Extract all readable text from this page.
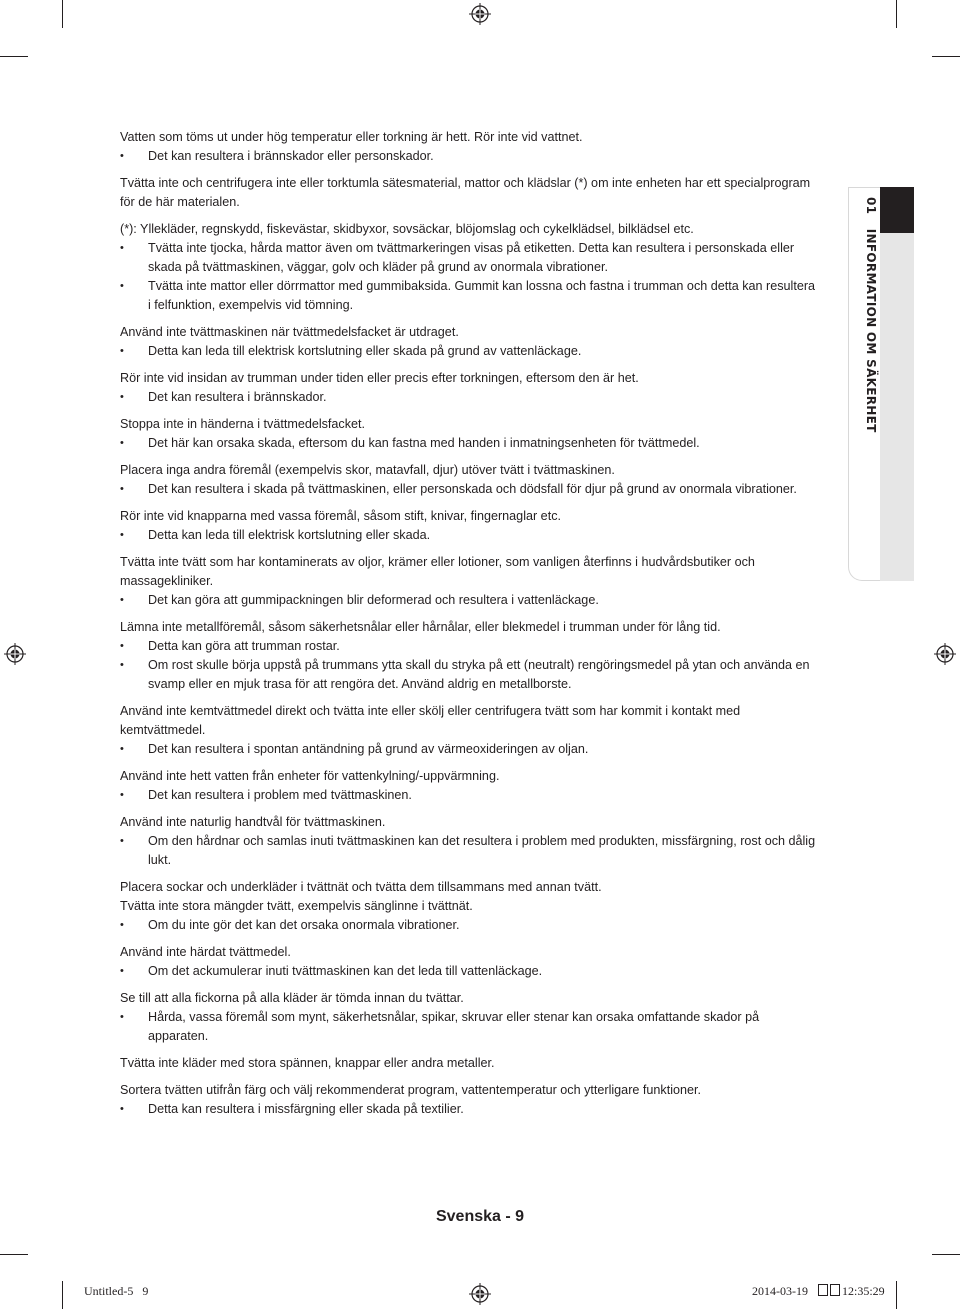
01 INFORMATION OM SÄKERHET

Vatten som töms ut under hög temperatur eller torkning är hett. Rör inte vid vattnet.

• Det kan resultera i brännskador eller personskador.

Tvätta inte och centrifugera inte eller torktumla sätesmaterial, mattor och klädslar (*) om inte enheten har ett specialprogram för de här materialen.

(*): Yllekläder, regnskydd, fiskevästar, skidbyxor, sovsäckar, blöjomslag och cykelklädsel, bilklädsel etc.

• Tvätta inte tjocka, hårda mattor även om tvättmarkeringen visas på etiketten. Detta kan resultera i personskada eller skada på tvättmaskinen, väggar, golv och kläder på grund av onormala vibrationer.

• Tvätta inte mattor eller dörrmattor med gummibaksida. Gummit kan lossna och fastna i trumman och detta kan resultera i felfunktion, exempelvis vid tömning.

Använd inte tvättmaskinen när tvättmedelsfacket är utdraget.

• Detta kan leda till elektrisk kortslutning eller skada på grund av vattenläckage.

Rör inte vid insidan av trumman under tiden eller precis efter torkningen, eftersom den är het.

• Det kan resultera i brännskador.

Stoppa inte in händerna i tvättmedelsfacket.

• Det här kan orsaka skada, eftersom du kan fastna med handen i inmatningsenheten för tvättmedel.

Placera inga andra föremål (exempelvis skor, matavfall, djur) utöver tvätt i tvättmaskinen.

• Det kan resultera i skada på tvättmaskinen, eller personskada och dödsfall för djur på grund av onormala vibrationer.

Rör inte vid knapparna med vassa föremål, såsom stift, knivar, fingernaglar etc.

• Detta kan leda till elektrisk kortslutning eller skada.

Tvätta inte tvätt som har kontaminerats av oljor, krämer eller lotioner, som vanligen återfinns i hudvårdsbutiker och massagekliniker.

• Det kan göra att gummipackningen blir deformerad och resultera i vattenläckage.

Lämna inte metallföremål, såsom säkerhetsnålar eller hårnålar, eller blekmedel i trumman under för lång tid.

• Detta kan göra att trumman rostar.

• Om rost skulle börja uppstå på trummans ytta skall du stryka på ett (neutralt) rengöringsmedel på ytan och använda en svamp eller en mjuk trasa för att rengöra det. Använd aldrig en metallborste.

Använd inte kemtvättmedel direkt och tvätta inte eller skölj eller centrifugera tvätt som har kommit i kontakt med kemtvättmedel.

• Det kan resultera i spontan antändning på grund av värmeoxideringen av oljan.

Använd inte hett vatten från enheter för vattenkylning/-uppvärmning.

• Det kan resultera i problem med tvättmaskinen.

Använd inte naturlig handtvål för tvättmaskinen.

• Om den hårdnar och samlas inuti tvättmaskinen kan det resultera i problem med produkten, missfärgning, rost och dålig lukt.

Placera sockar och underkläder i tvättnät och tvätta dem tillsammans med annan tvätt.

Tvätta inte stora mängder tvätt, exempelvis sänglinne i tvättnät.

• Om du inte gör det kan det orsaka onormala vibrationer.

Använd inte härdat tvättmedel.

• Om det ackumulerar inuti tvättmaskinen kan det leda till vattenläckage.

Se till att alla fickorna på alla kläder är tömda innan du tvättar.

• Hårda, vassa föremål som mynt, säkerhetsnålar, spikar, skruvar eller stenar kan orsaka omfattande skador på apparaten.

Tvätta inte kläder med stora spännen, knappar eller andra metaller.

Sortera tvätten utifrån färg och välj rekommenderat program, vattentemperatur och ytterligare funktioner.

• Detta kan resultera i missfärgning eller skada på textilier.

Svenska - 9
Untitled-5   9	2014-03-19	12:35:29
